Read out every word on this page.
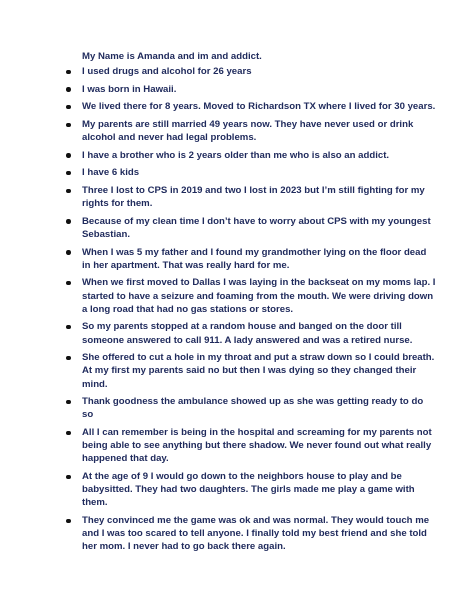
My Name is Amanda and im and addict.

I used drugs and alcohol for 26 years
I was born in Hawaii.
We lived there for 8 years. Moved to Richardson TX where I lived for 30 years.
My parents are still married 49 years now. They have never used or drink alcohol and never had legal problems.
I have a brother who is 2 years older than me who is also an addict.
I have 6 kids
Three I lost to CPS in 2019 and two I lost in 2023 but I’m still fighting for my rights for them.
Because of my clean time I don’t have to worry about CPS with my youngest Sebastian.
When I was 5 my father and I found my grandmother lying on the floor dead in her apartment. That was really hard for me.
When we first moved to Dallas I was laying in the backseat on my moms lap. I started to have a seizure and foaming from the mouth. We were driving down a long road that had no gas stations or stores.
So my parents stopped at a random house and banged on the door till someone answered to call 911. A lady answered and was a retired nurse.
She offered to cut a hole in my throat and put a straw down so I could breath. At my first my parents said no but then I was dying so they changed their mind.
Thank goodness the ambulance showed up as she was getting ready to do so
All I can remember is being in the hospital and screaming for my parents not being able to see anything but there shadow. We never found out what really happened that day.
At the age of 9 I would go down to the neighbors house to play and be babysitted. They had two daughters. The girls made me play a game with them.
They convinced me the game was ok and was normal. They would touch me and I was too scared to tell anyone. I finally told my best friend and she told her mom. I never had to go back there again.
